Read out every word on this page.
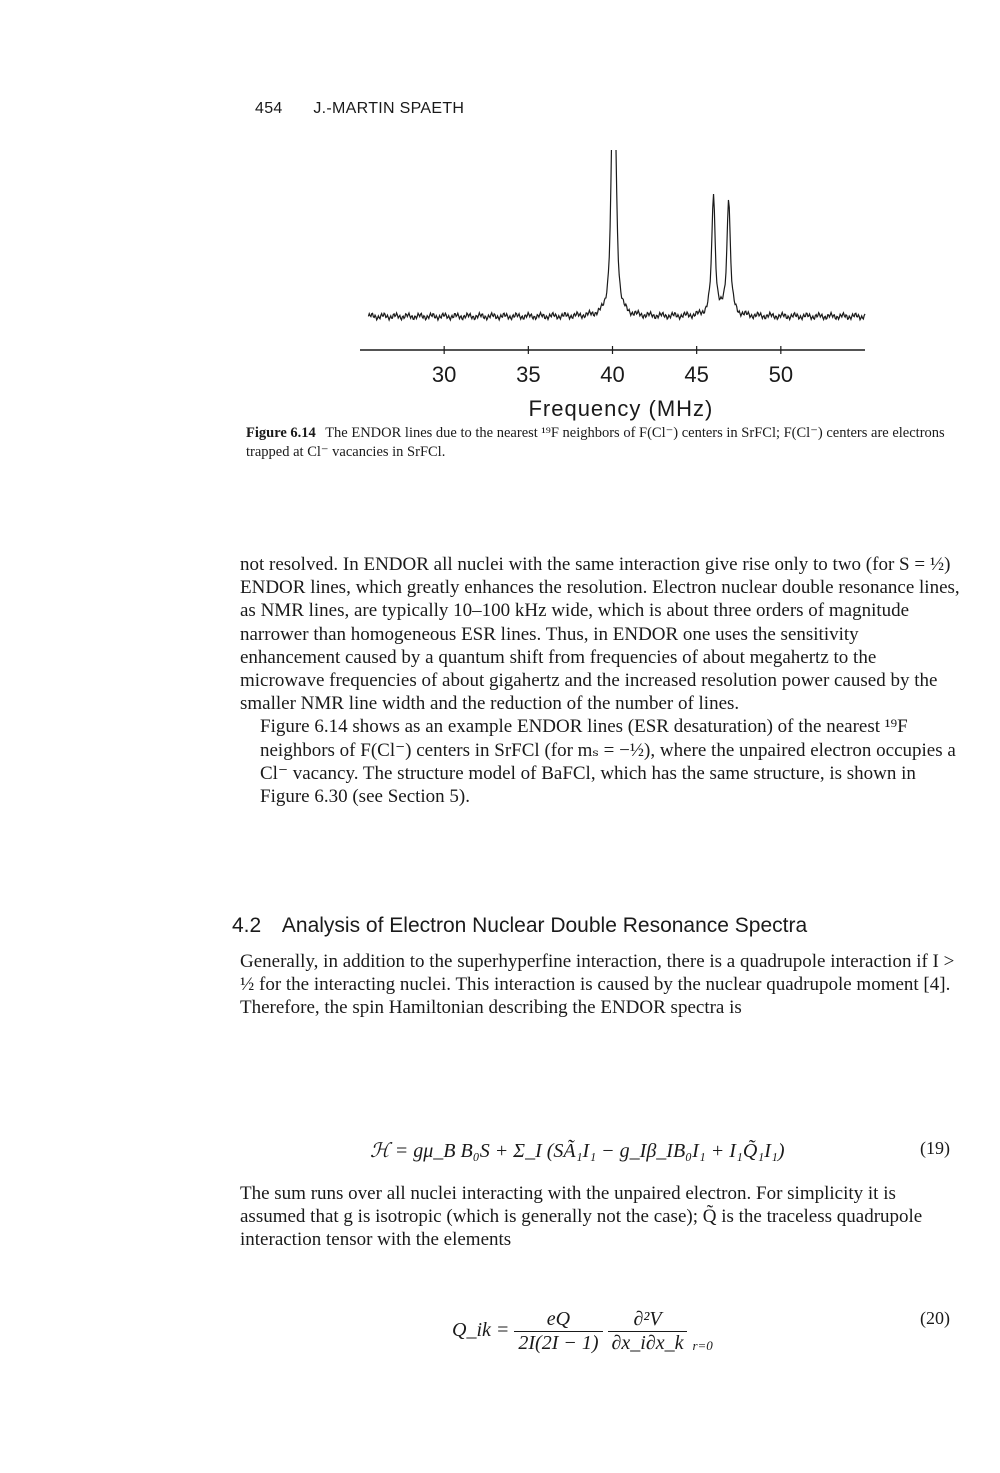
454 J.-MARTIN SPAETH
30	35	40	45	50
Frequency (MHz)
Figure 6.14 The ENDOR lines due to the nearest ¹⁹F neighbors of F(Cl⁻) centers in SrFCl; F(Cl⁻) centers are electrons trapped at Cl⁻ vacancies in SrFCl.

not resolved. In ENDOR all nuclei with the same interaction give rise only to two (for S = ½) ENDOR lines, which greatly enhances the resolution. Electron nuclear double resonance lines, as NMR lines, are typically 10–100 kHz wide, which is about three orders of magnitude narrower than homogeneous ESR lines. Thus, in ENDOR one uses the sensitivity enhancement caused by a quantum shift from frequencies of about megahertz to the microwave frequencies of about gigahertz and the increased resolution power caused by the smaller NMR line width and the reduction of the number of lines.

Figure 6.14 shows as an example ENDOR lines (ESR desaturation) of the nearest ¹⁹F neighbors of F(Cl⁻) centers in SrFCl (for mₛ = −½), where the unpaired electron occupies a Cl⁻ vacancy. The structure model of BaFCl, which has the same structure, is shown in Figure 6.30 (see Section 5).

4.2 Analysis of Electron Nuclear Double Resonance Spectra

Generally, in addition to the superhyperfine interaction, there is a quadrupole interaction if I > ½ for the interacting nuclei. This interaction is caused by the nuclear quadrupole moment [4]. Therefore, the spin Hamiltonian describing the ENDOR spectra is

ℋ = gμ_B B₀S + Σ_I (SÃ₁I₁ − g_Iβ_IB₀I₁ + I₁Q̃₁I₁)	(19)

The sum runs over all nuclei interacting with the unpaired electron. For simplicity it is assumed that g is isotropic (which is generally not the case); Q̃ is the traceless quadrupole interaction tensor with the elements

Q_ik = $\frac{eQ}{2I(2I - 1)}$
$\frac{\text{∂²V}}{\partial x\_i\partial x\_k} _{r=0}$
(20)
